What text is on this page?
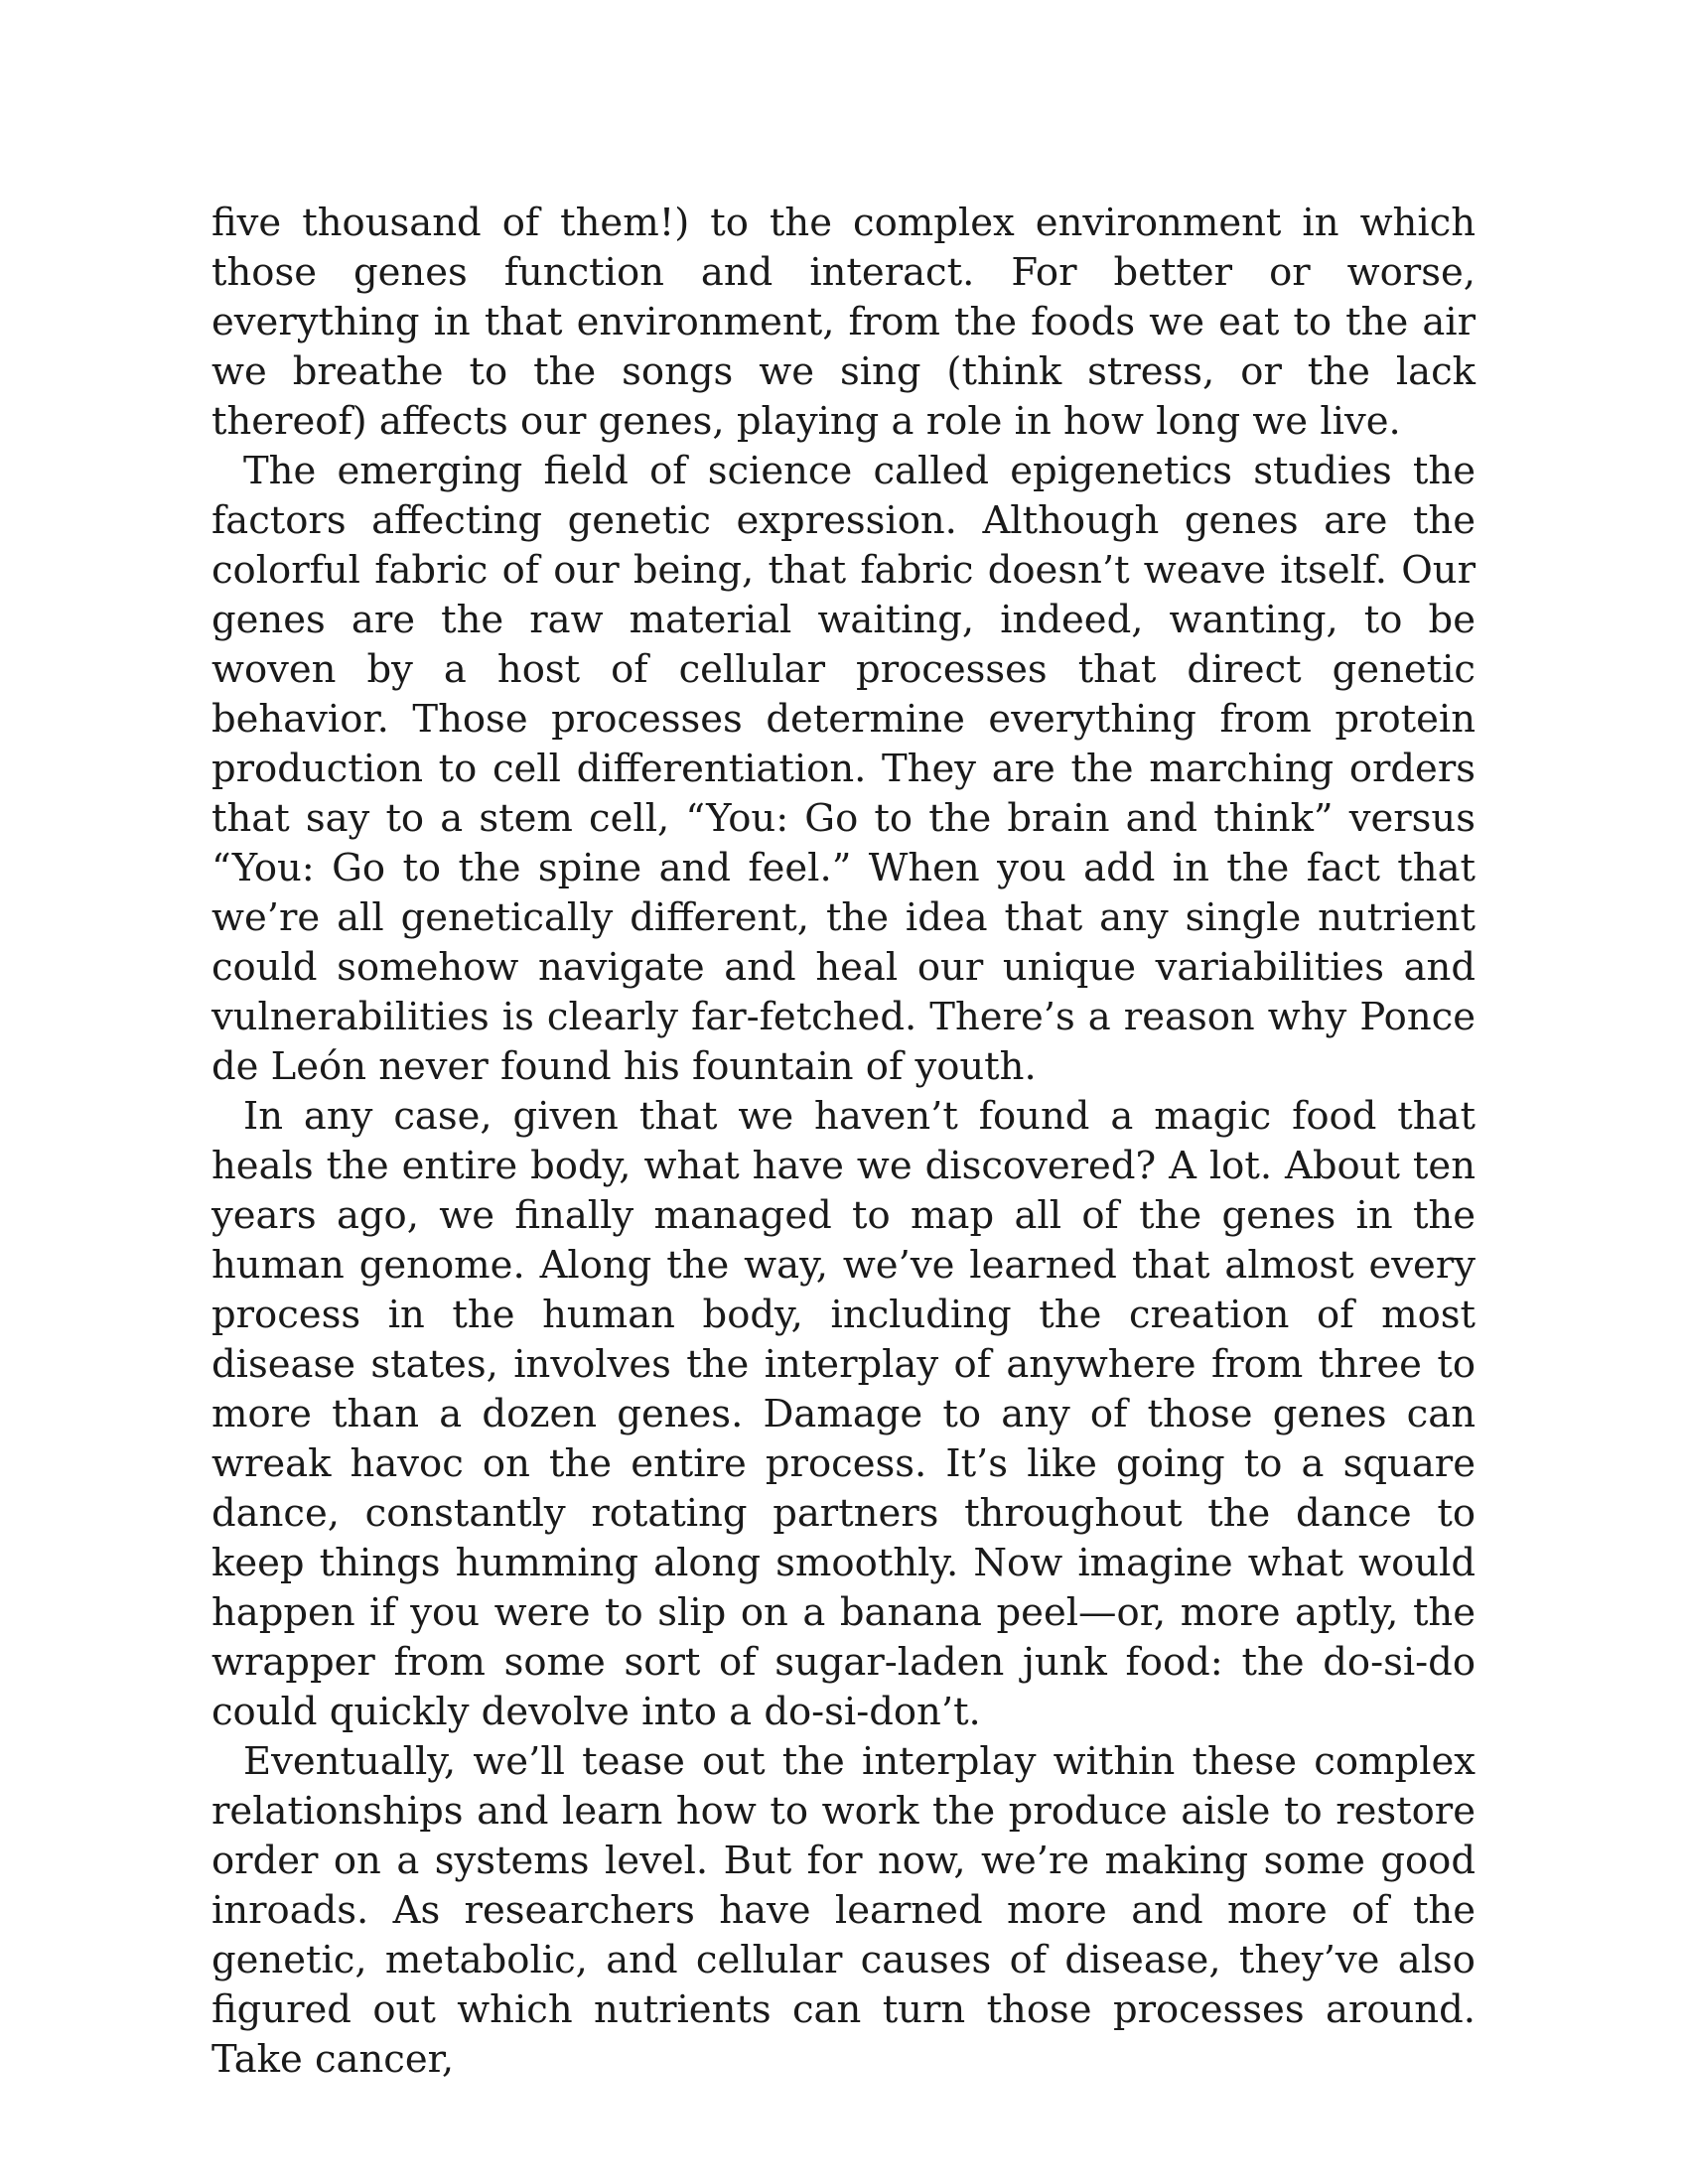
five thousand of them!) to the complex environment in which those genes function and interact. For better or worse, everything in that environment, from the foods we eat to the air we breathe to the songs we sing (think stress, or the lack thereof) affects our genes, playing a role in how long we live.

The emerging field of science called epigenetics studies the factors affecting genetic expression. Although genes are the colorful fabric of our being, that fabric doesn’t weave itself. Our genes are the raw material waiting, indeed, wanting, to be woven by a host of cellular processes that direct genetic behavior. Those processes determine everything from protein production to cell differentiation. They are the marching orders that say to a stem cell, “You: Go to the brain and think” versus “You: Go to the spine and feel.” When you add in the fact that we’re all genetically different, the idea that any single nutrient could somehow navigate and heal our unique variabilities and vulnerabilities is clearly far-fetched. There’s a reason why Ponce de León never found his fountain of youth.

In any case, given that we haven’t found a magic food that heals the entire body, what have we discovered? A lot. About ten years ago, we finally managed to map all of the genes in the human genome. Along the way, we’ve learned that almost every process in the human body, including the creation of most disease states, involves the interplay of anywhere from three to more than a dozen genes. Damage to any of those genes can wreak havoc on the entire process. It’s like going to a square dance, constantly rotating partners throughout the dance to keep things humming along smoothly. Now imagine what would happen if you were to slip on a banana peel—or, more aptly, the wrapper from some sort of sugar-laden junk food: the do-si-do could quickly devolve into a do-si-don’t.

Eventually, we’ll tease out the interplay within these complex relationships and learn how to work the produce aisle to restore order on a systems level. But for now, we’re making some good inroads. As researchers have learned more and more of the genetic, metabolic, and cellular causes of disease, they’ve also figured out which nutrients can turn those processes around. Take cancer,
